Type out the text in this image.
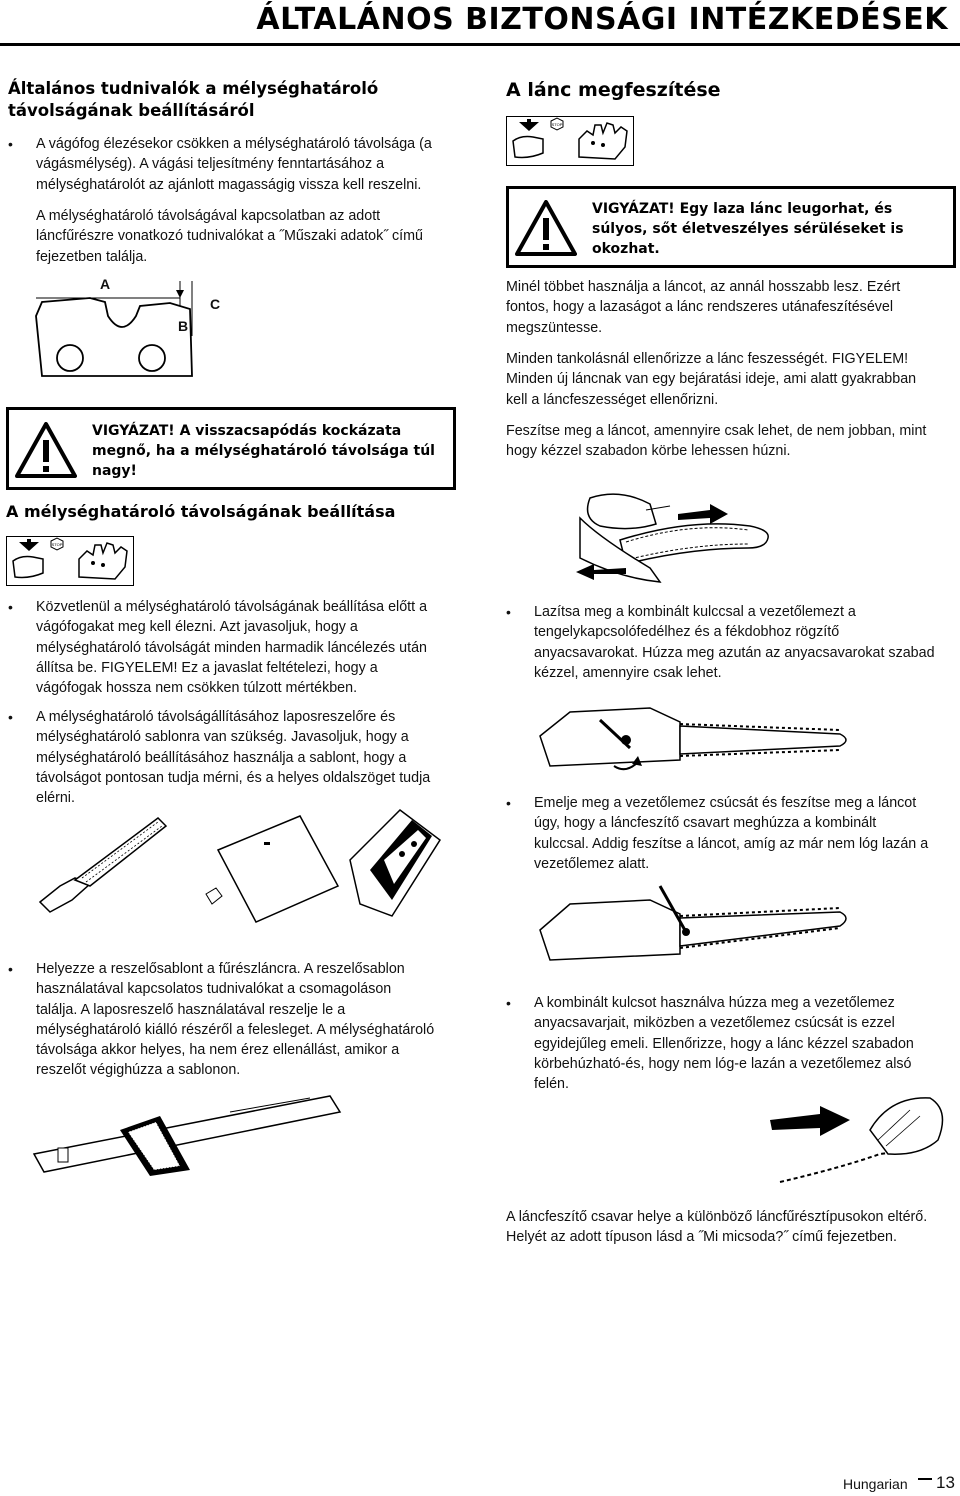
ÁLTALÁNOS BIZTONSÁGI INTÉZKEDÉSEK
Általános tudnivalók a mélységhatároló
távolságának beállításáról
• A vágófog élezésekor csökken a mélységhatároló távolsága (a
vágásmélység). A vágási teljesítmény fenntartásához a
mélységhatárolót az ajánlott magasságig vissza kell reszelni.
A mélységhatároló távolságával kapcsolatban az adott
láncfűrészre vonatkozó tudnivalókat a ˝Műszaki adatok˝ című
fejezetben találja.
A
B
C
VIGYÁZAT! A visszacsapódás kockázata
megnő, ha a mélységhatároló távolsága túl
nagy!
A mélységhatároló távolságának beállítása
STOP
• Közvetlenül a mélységhatároló távolságának beállítása előtt a
vágófogakat meg kell élezni. Azt javasoljuk, hogy a
mélységhatároló távolságát minden harmadik láncélezés után
állítsa be. FIGYELEM! Ez a javaslat feltételezi, hogy a
vágófogak hossza nem csökken túlzott mértékben.
• A mélységhatároló távolságállításához laposreszelőre és
mélységhatároló sablonra van szükség. Javasoljuk, hogy a
mélységhatároló beállításához használja a sablont, hogy a
távolságot pontosan tudja mérni, és a helyes oldalszöget tudja
elérni.
• Helyezze a reszelősablont a fűrészláncra. A reszelősablon
használatával kapcsolatos tudnivalókat a csomagoláson
találja. A laposreszelő használatával reszelje le a
mélységhatároló kiálló részéről a felesleget. A mélységhatároló
távolsága akkor helyes, ha nem érez ellenállást, amikor a
reszelőt végighúzza a sablonon.
A lánc megfeszítése
STOP
VIGYÁZAT! Egy laza lánc leugorhat, és
súlyos, sőt életveszélyes sérüléseket is
okozhat.
Minél többet használja a láncot, az annál hosszabb lesz. Ezért
fontos, hogy a lazaságot a lánc rendszeres utánafeszítésével
megszüntesse.
Minden tankolásnál ellenőrizze a lánc feszességét. FIGYELEM!
Minden új láncnak van egy bejáratási ideje, ami alatt gyakrabban
kell a láncfeszességet ellenőrizni.
Feszítse meg a láncot, amennyire csak lehet, de nem jobban, mint
hogy kézzel szabadon körbe lehessen húzni.
• Lazítsa meg a kombinált kulccsal a vezetőlemezt a
tengelykapcsolófedélhez és a fékdobhoz rögzítő
anyacsavarokat. Húzza meg azután az anyacsavarokat szabad
kézzel, amennyire csak lehet.
• Emelje meg a vezetőlemez csúcsát és feszítse meg a láncot
úgy, hogy a láncfeszítő csavart meghúzza a kombinált
kulccsal. Addig feszítse a láncot, amíg az már nem lóg lazán a
vezetőlemez alatt.
• A kombinált kulcsot használva húzza meg a vezetőlemez
anyacsavarjait, miközben a vezetőlemez csúcsát is ezzel
egyidejűleg emeli. Ellenőrizze, hogy a lánc kézzel szabadon
körbehúzható-és, hogy nem lóg-e lazán a vezetőlemez alsó
felén.
A láncfeszítő csavar helye a különböző láncfűrésztípusokon eltérő.
Helyét az adott típuson lásd a ˝Mi micsoda?˝ című fejezetben.
Hungarian 13
